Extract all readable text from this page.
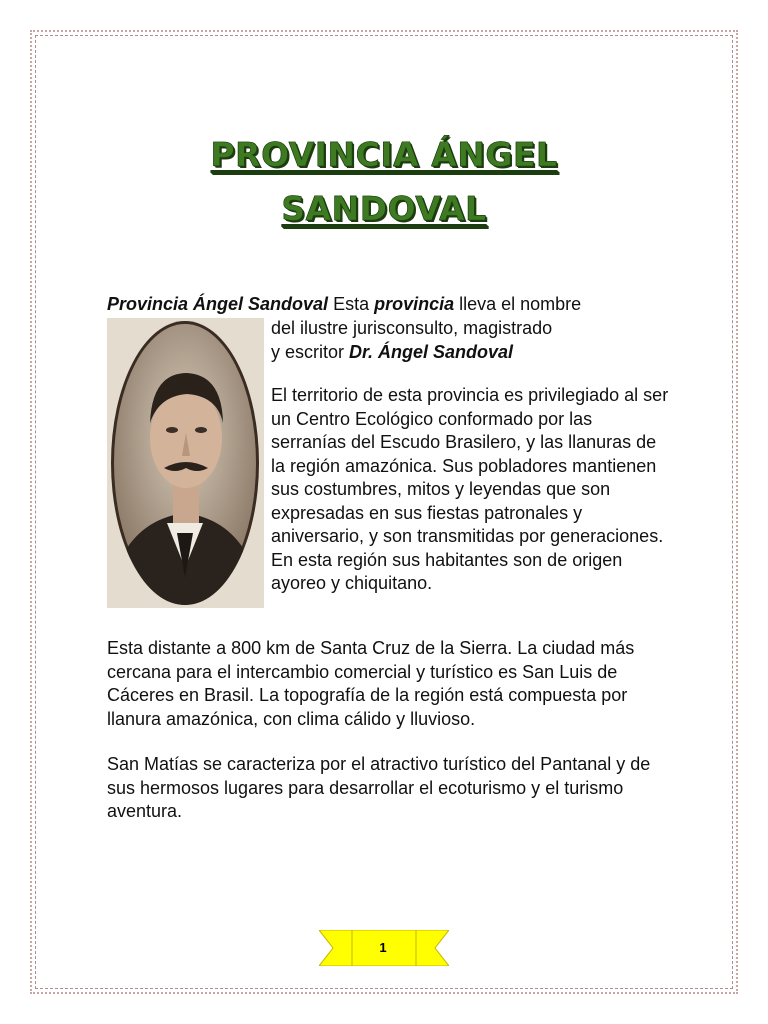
PROVINCIA ÁNGEL
SANDOVAL
Provincia Ángel Sandoval Esta provincia lleva el nombre
del ilustre jurisconsulto, magistrado
y escritor Dr. Ángel Sandoval
El territorio de esta provincia es privilegiado al ser un Centro Ecológico conformado por las serranías del Escudo Brasilero, y las llanuras de la región amazónica. Sus pobladores mantienen sus costumbres, mitos y leyendas que son expresadas en sus fiestas patronales y aniversario, y son transmitidas por generaciones. En esta región sus habitantes son de origen ayoreo y chiquitano.
Esta distante a 800 km de Santa Cruz de la Sierra. La ciudad más cercana para el intercambio comercial y turístico es San Luis de Cáceres en Brasil. La topografía de la región está compuesta por llanura amazónica, con clima cálido y lluvioso.
San Matías se caracteriza por el atractivo turístico del Pantanal y de sus hermosos lugares para desarrollar el ecoturismo y el turismo aventura.
1
